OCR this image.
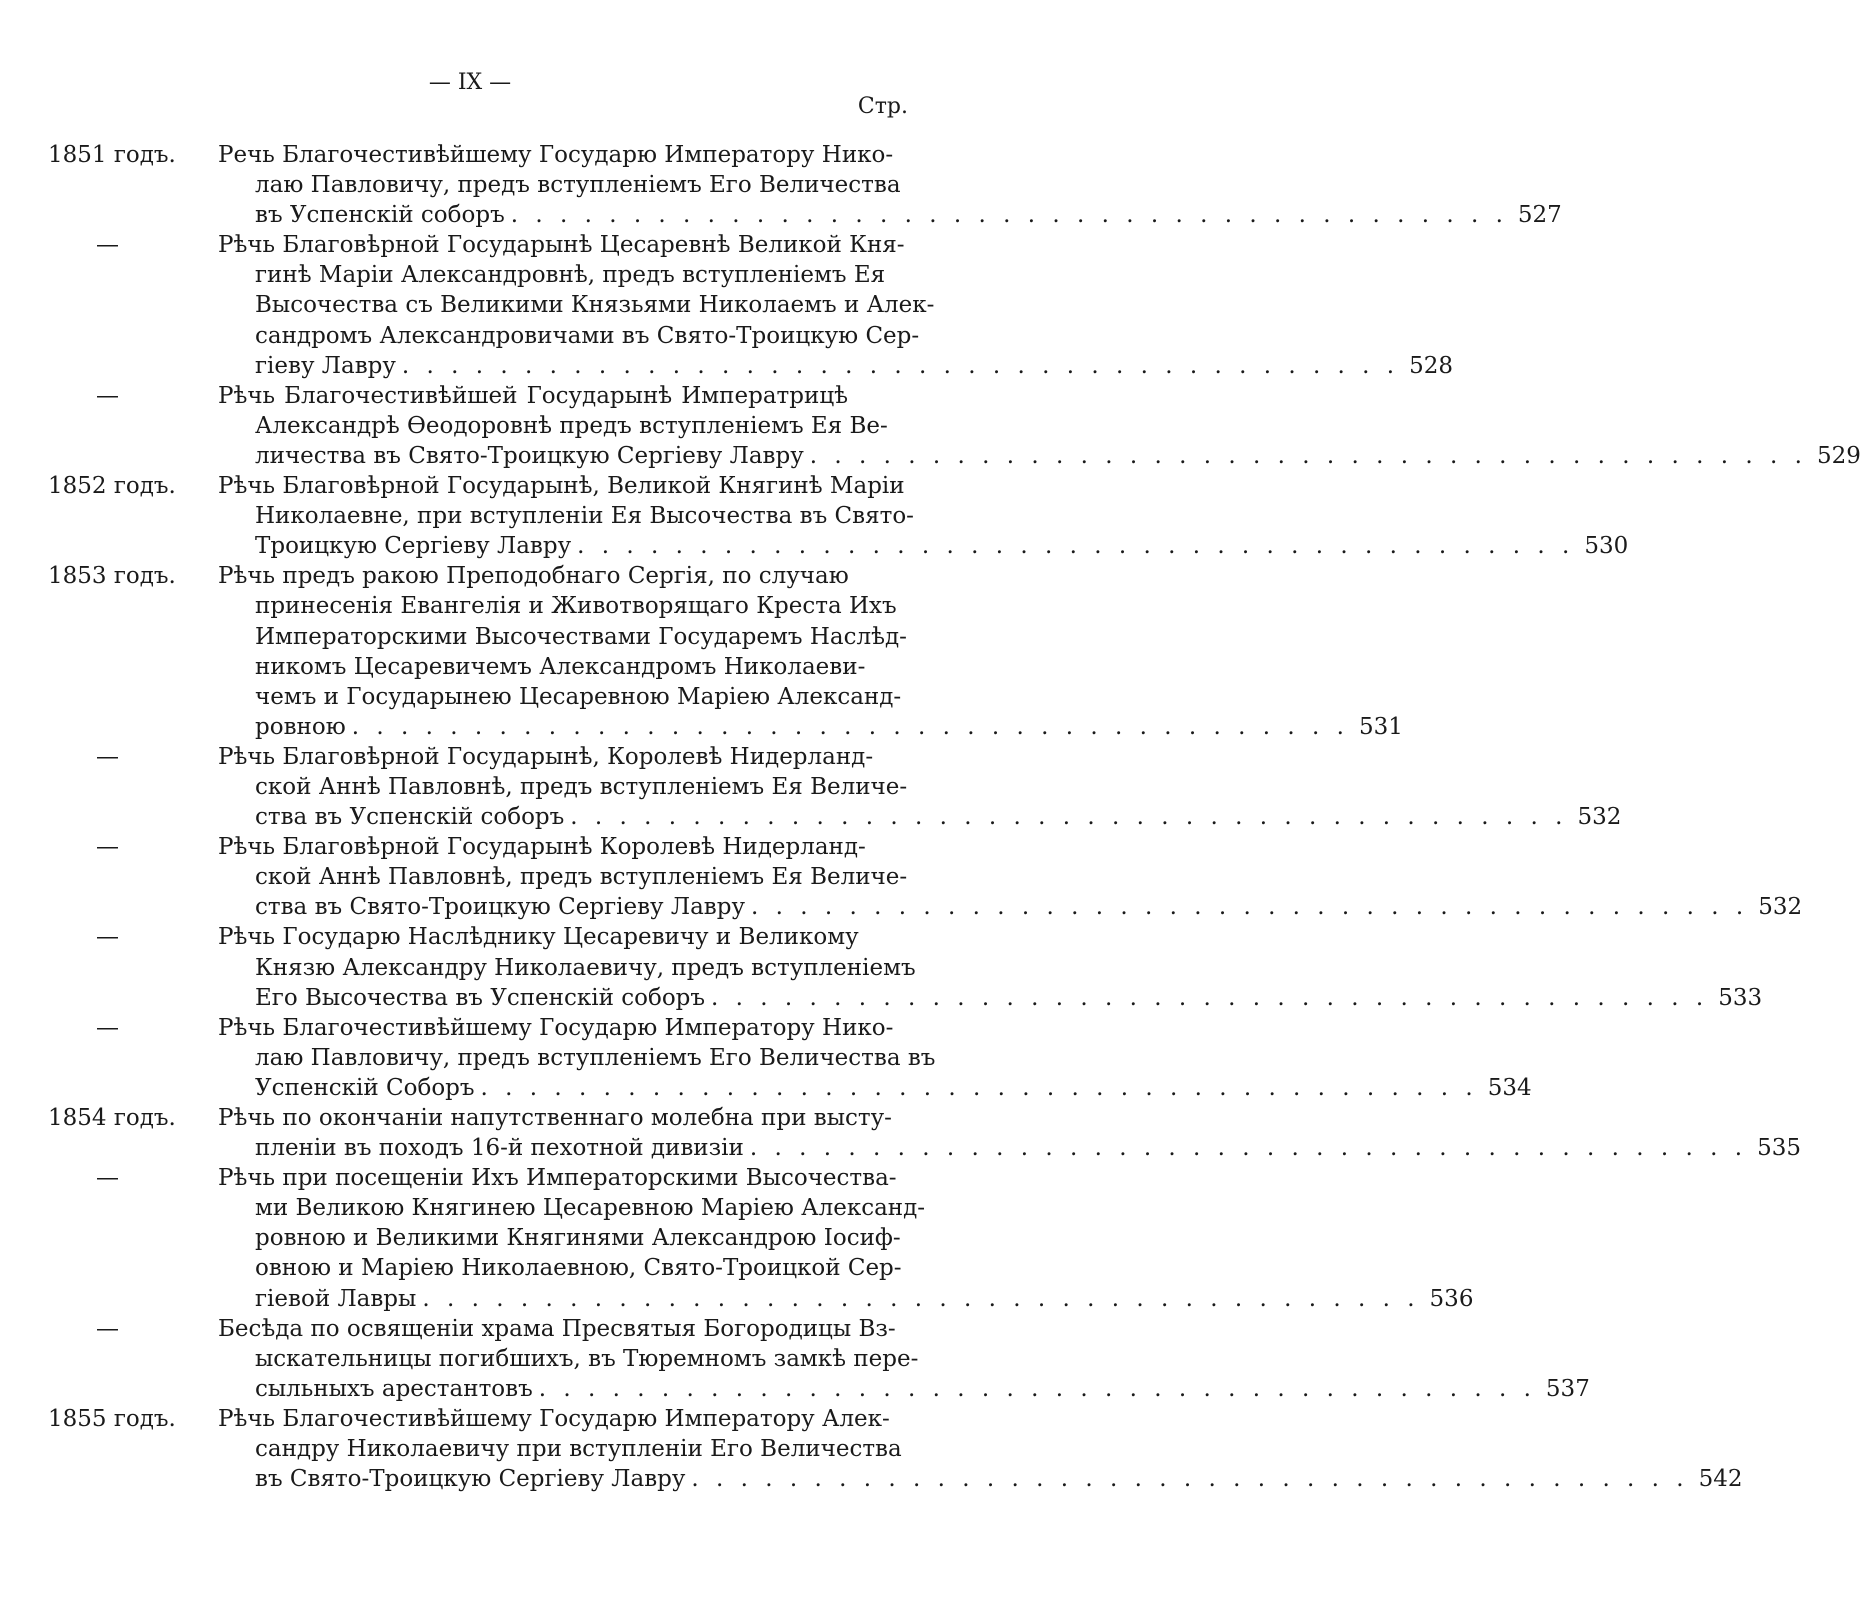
— IX —
Стр.
1851 годъ. Речь Благочестивѣйшему Государю Императору Нико-
лаю Павловичу, предъ вступленіемъ Его Величества
въ Успенскій соборъ . . . . . . . . . . . . . . . . . . . . . . . . . . . . . . . . . . . . . . . . . 527
—	Рѣчь Благовѣрной Государынѣ Цесаревнѣ Великой Кня-
гинѣ Маріи Александровнѣ, предъ вступленіемъ Ея
Высочества съ Великими Князьями Николаемъ и Алек-
сандромъ Александровичами въ Свято-Троицкую Сер-
гіеву Лавру . . . . . . . . . . . . . . . . . . . . . . . . . . . . . . . . . . . . . . . . . 528
—	Рѣчь Благочестивѣйшей Государынѣ Императрицѣ
Александрѣ Ѳеодоровнѣ предъ вступленіемъ Ея Ве-
личества въ Свято-Троицкую Сергіеву Лавру . . . . . . . . . . . . . . . . . . . . . . . . . . . . . . . . . . . . . . . . . 529
1852 годъ. Рѣчь Благовѣрной Государынѣ, Великой Княгинѣ Маріи
Николаевне, при вступленіи Ея Высочества въ Свято-
Троицкую Сергіеву Лавру . . . . . . . . . . . . . . . . . . . . . . . . . . . . . . . . . . . . . . . . . 530
1853 годъ. Рѣчь предъ ракою Преподобнаго Сергія, по случаю
принесенія Евангелія и Животворящаго Креста Ихъ
Императорскими Высочествами Государемъ Наслѣд-
никомъ Цесаревичемъ Александромъ Николаеви-
чемъ и Государынею Цесаревною Маріею Александ-
ровною . . . . . . . . . . . . . . . . . . . . . . . . . . . . . . . . . . . . . . . . . 531
—	Рѣчь Благовѣрной Государынѣ, Королевѣ Нидерланд-
ской Аннѣ Павловнѣ, предъ вступленіемъ Ея Величе-
ства въ Успенскій соборъ . . . . . . . . . . . . . . . . . . . . . . . . . . . . . . . . . . . . . . . . . 532
—	Рѣчь Благовѣрной Государынѣ Королевѣ Нидерланд-
ской Аннѣ Павловнѣ, предъ вступленіемъ Ея Величе-
ства въ Свято-Троицкую Сергіеву Лавру . . . . . . . . . . . . . . . . . . . . . . . . . . . . . . . . . . . . . . . . . 532
—	Рѣчь Государю Наслѣднику Цесаревичу и Великому
Князю Александру Николаевичу, предъ вступленіемъ
Его Высочества въ Успенскій соборъ . . . . . . . . . . . . . . . . . . . . . . . . . . . . . . . . . . . . . . . . . 533
—	Рѣчь Благочестивѣйшему Государю Императору Нико-
лаю Павловичу, предъ вступленіемъ Его Величества въ
Успенскій Соборъ . . . . . . . . . . . . . . . . . . . . . . . . . . . . . . . . . . . . . . . . . 534
1854 годъ. Рѣчь по окончаніи напутственнаго молебна при высту-
пленіи въ походъ 16-й пехотной дивизіи . . . . . . . . . . . . . . . . . . . . . . . . . . . . . . . . . . . . . . . . . 535
—	Рѣчь при посещеніи Ихъ Императорскими Высочества-
ми Великою Княгинею Цесаревною Маріею Александ-
ровною и Великими Княгинями Александрою Іосиф-
овною и Маріею Николаевною, Свято-Троицкой Сер-
гіевой Лавры . . . . . . . . . . . . . . . . . . . . . . . . . . . . . . . . . . . . . . . . . 536
—	Бесѣда по освященіи храма Пресвятыя Богородицы Вз-
ыскательницы погибшихъ, въ Тюремномъ замкѣ пере-
сыльныхъ арестантовъ . . . . . . . . . . . . . . . . . . . . . . . . . . . . . . . . . . . . . . . . . 537
1855 годъ. Рѣчь Благочестивѣйшему Государю Императору Алек-
сандру Николаевичу при вступленіи Его Величества
въ Свято-Троицкую Сергіеву Лавру . . . . . . . . . . . . . . . . . . . . . . . . . . . . . . . . . . . . . . . . . 542
